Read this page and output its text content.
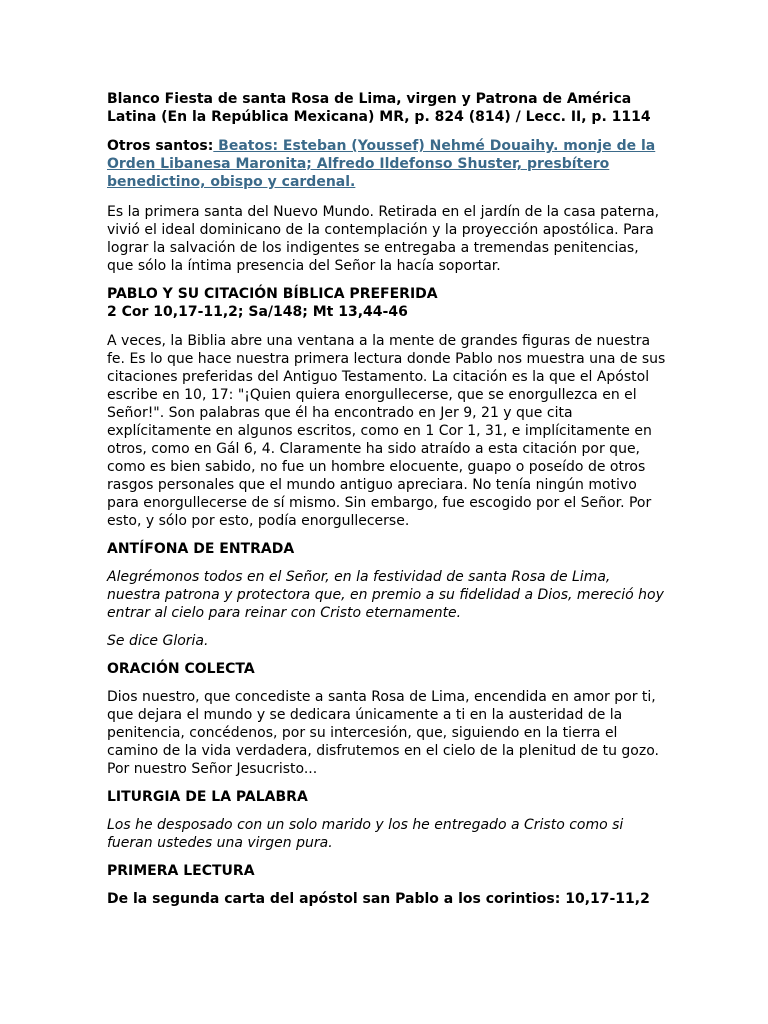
Blanco Fiesta de santa Rosa de Lima, virgen y Patrona de América
Latina (En la República Mexicana) MR, p. 824 (814) / Lecc. II, p. 1114

Otros santos: Beatos: Esteban (Youssef) Nehmé Douaihy. monje de la Orden Libanesa Maronita; Alfredo Ildefonso Shuster, presbítero benedictino, obispo y cardenal.

Es la primera santa del Nuevo Mundo. Retirada en el jardín de la casa paterna, vivió el ideal dominicano de la contemplación y la proyección apostólica. Para lograr la salvación de los indigentes se entregaba a tremendas penitencias, que sólo la íntima presencia del Señor la hacía soportar.

PABLO Y SU CITACIÓN BÍBLICA PREFERIDA
2 Cor 10,17-11,2; Sa/148; Mt 13,44-46

A veces, la Biblia abre una ventana a la mente de grandes figuras de nuestra fe. Es lo que hace nuestra primera lectura donde Pablo nos muestra una de sus citaciones preferidas del Antiguo Testamento. La citación es la que el Apóstol escribe en 10, 17: "¡Quien quiera enorgullecerse, que se enorgullezca en el Señor!". Son palabras que él ha encontrado en Jer 9, 21 y que cita explícitamente en algunos escritos, como en 1 Cor 1, 31, e implícitamente en otros, como en Gál 6, 4. Claramente ha sido atraído a esta citación por que, como es bien sabido, no fue un hombre elocuente, guapo o poseído de otros rasgos personales que el mundo antiguo apreciara. No tenía ningún motivo para enorgullecerse de sí mismo. Sin embargo, fue escogido por el Señor. Por esto, y sólo por esto, podía enorgullecerse.

ANTÍFONA DE ENTRADA

Alegrémonos todos en el Señor, en la festividad de santa Rosa de Lima, nuestra patrona y protectora que, en premio a su fidelidad a Dios, mereció hoy entrar al cielo para reinar con Cristo eternamente.

Se dice Gloria.

ORACIÓN COLECTA

Dios nuestro, que concediste a santa Rosa de Lima, encendida en amor por ti, que dejara el mundo y se dedicara únicamente a ti en la austeridad de la penitencia, concédenos, por su intercesión, que, siguiendo en la tierra el camino de la vida verdadera, disfrutemos en el cielo de la plenitud de tu gozo. Por nuestro Señor Jesucristo...

LITURGIA DE LA PALABRA

Los he desposado con un solo marido y los he entregado a Cristo como si fueran ustedes una virgen pura.

PRIMERA LECTURA

De la segunda carta del apóstol san Pablo a los corintios: 10,17-11,2
